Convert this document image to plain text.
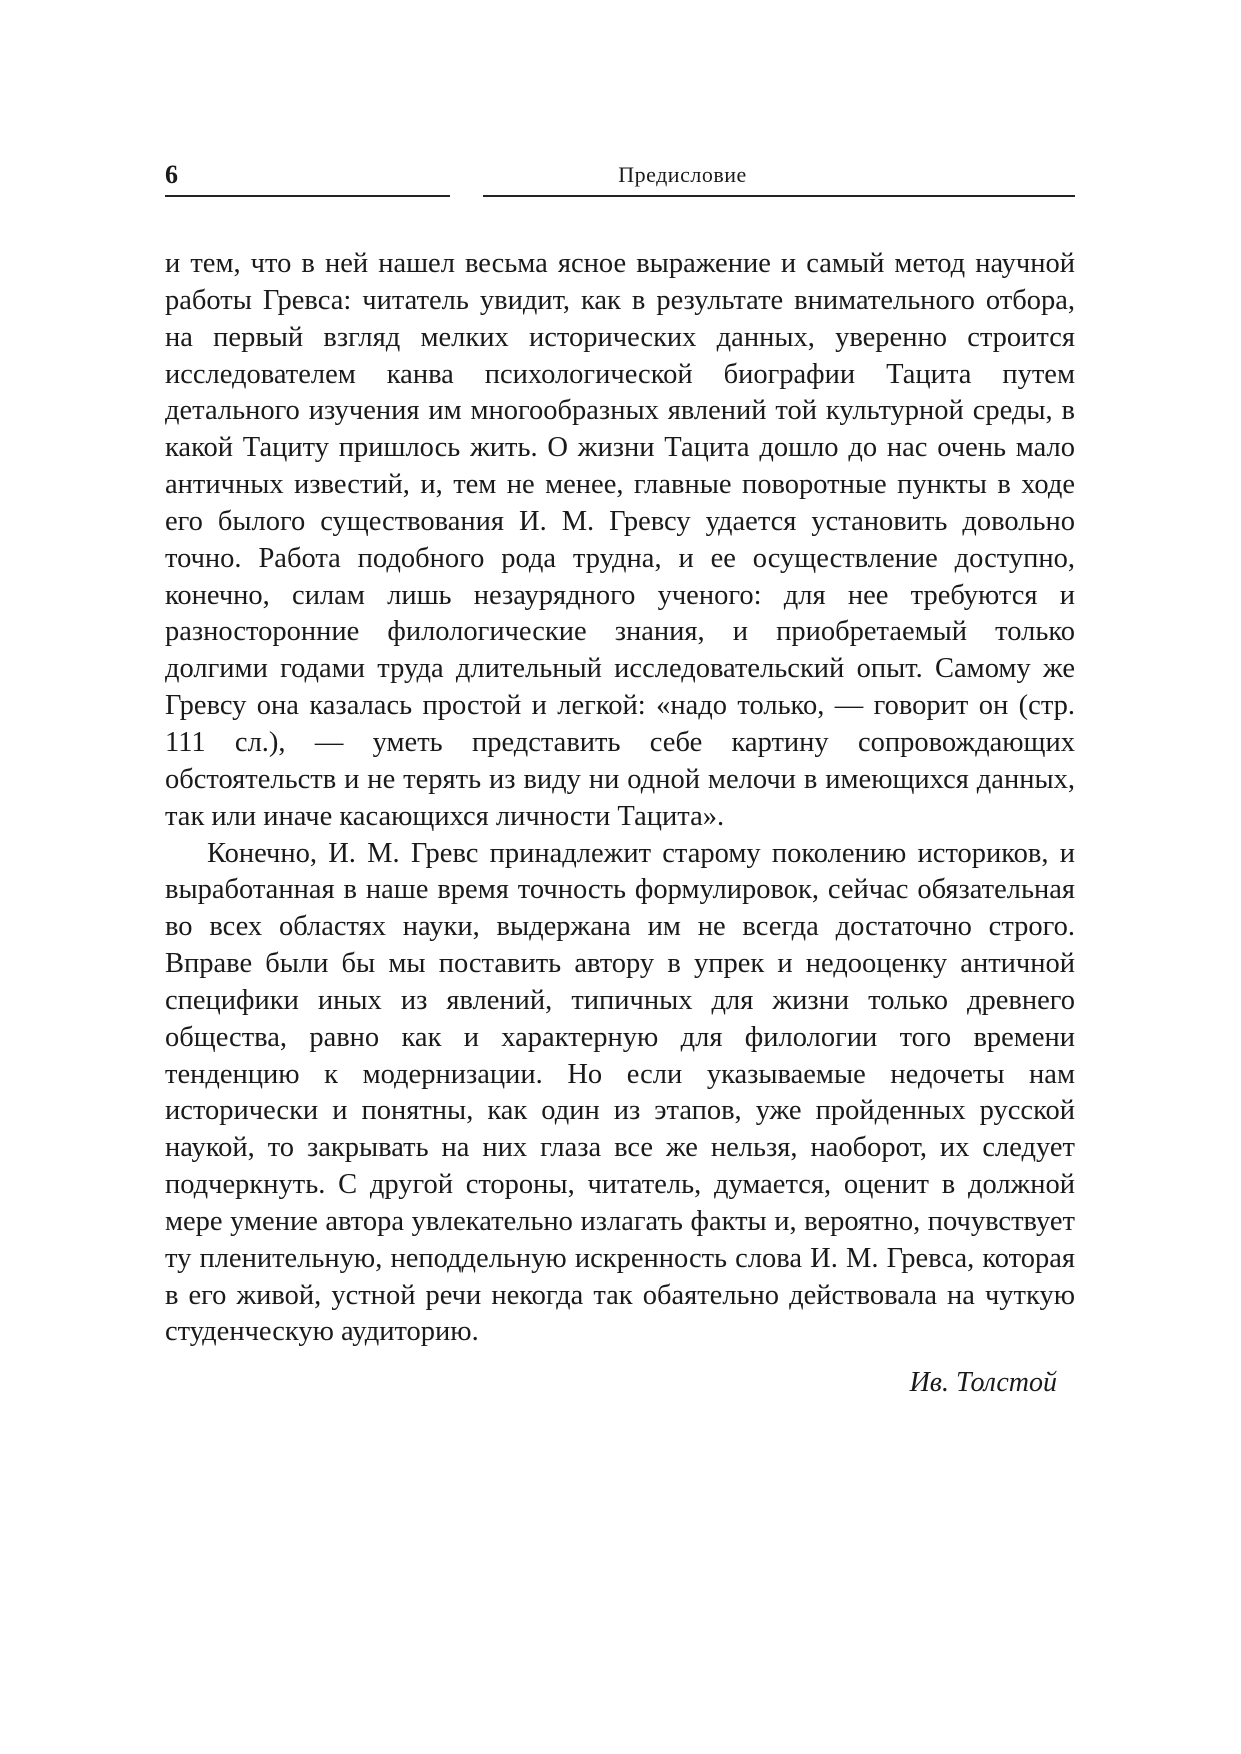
6	Предисловие

и тем, что в ней нашел весьма ясное выражение и самый метод научной работы Гревса: читатель увидит, как в результате внимательного отбора, на первый взгляд мелких исторических данных, уверенно строится исследователем канва психологической биографии Тацита путем детального изучения им многообразных явлений той культурной среды, в какой Тациту пришлось жить. О жизни Тацита дошло до нас очень мало античных известий, и, тем не менее, главные поворотные пункты в ходе его былого существования И. М. Гревсу удается установить довольно точно. Работа подобного рода трудна, и ее осуществление доступно, конечно, силам лишь незаурядного ученого: для нее требуются и разносторонние филологические знания, и приобретаемый только долгими годами труда длительный исследовательский опыт. Самому же Гревсу она казалась простой и легкой: «надо только, — говорит он (стр. 111 сл.), — уметь представить себе картину сопровождающих обстоятельств и не терять из виду ни одной мелочи в имеющихся данных, так или иначе касающихся личности Тацита».

Конечно, И. М. Гревс принадлежит старому поколению историков, и выработанная в наше время точность формулировок, сейчас обязательная во всех областях науки, выдержана им не всегда достаточно строго. Вправе были бы мы поставить автору в упрек и недооценку античной специфики иных из явлений, типичных для жизни только древнего общества, равно как и характерную для филологии того времени тенденцию к модернизации. Но если указываемые недочеты нам исторически и понятны, как один из этапов, уже пройденных русской наукой, то закрывать на них глаза все же нельзя, наоборот, их следует подчеркнуть. С другой стороны, читатель, думается, оценит в должной мере умение автора увлекательно излагать факты и, вероятно, почувствует ту пленительную, неподдельную искренность слова И. М. Гревса, которая в его живой, устной речи некогда так обаятельно действовала на чуткую студенческую аудиторию.

Ив. Толстой
